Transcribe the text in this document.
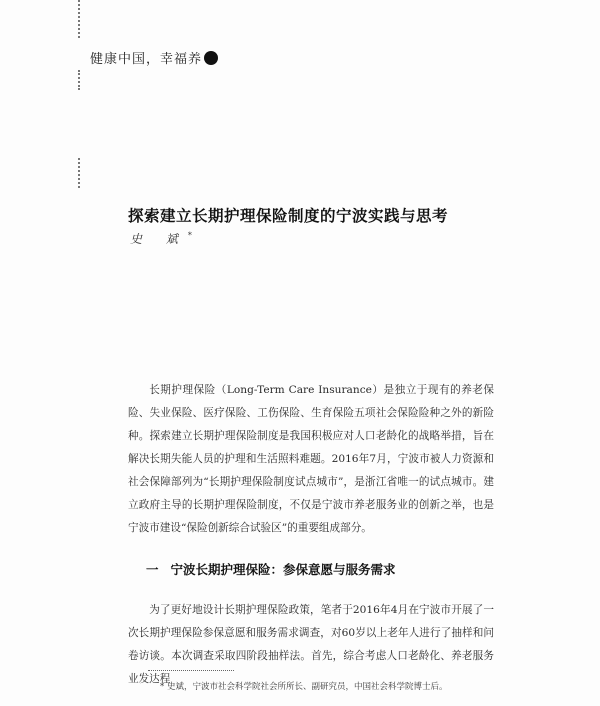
健康中国，幸福养
探索建立长期护理保险制度的宁波实践与思考
史 斌*

长期护理保险（Long-Term Care Insurance）是独立于现有的养老保险、失业保险、医疗保险、工伤保险、生育保险五项社会保险险种之外的新险种。探索建立长期护理保险制度是我国积极应对人口老龄化的战略举措，旨在解决长期失能人员的护理和生活照料难题。2016年7月，宁波市被人力资源和社会保障部列为“长期护理保险制度试点城市”，是浙江省唯一的试点城市。建立政府主导的长期护理保险制度，不仅是宁波市养老服务业的创新之举，也是宁波市建设“保险创新综合试验区”的重要组成部分。

一 宁波长期护理保险：参保意愿与服务需求

为了更好地设计长期护理保险政策，笔者于2016年4月在宁波市开展了一次长期护理保险参保意愿和服务需求调查，对60岁以上老年人进行了抽样和问卷访谈。本次调查采取四阶段抽样法。首先，综合考虑人口老龄化、养老服务业发达程

* 史斌，宁波市社会科学院社会所所长、副研究员，中国社会科学院博士后。
